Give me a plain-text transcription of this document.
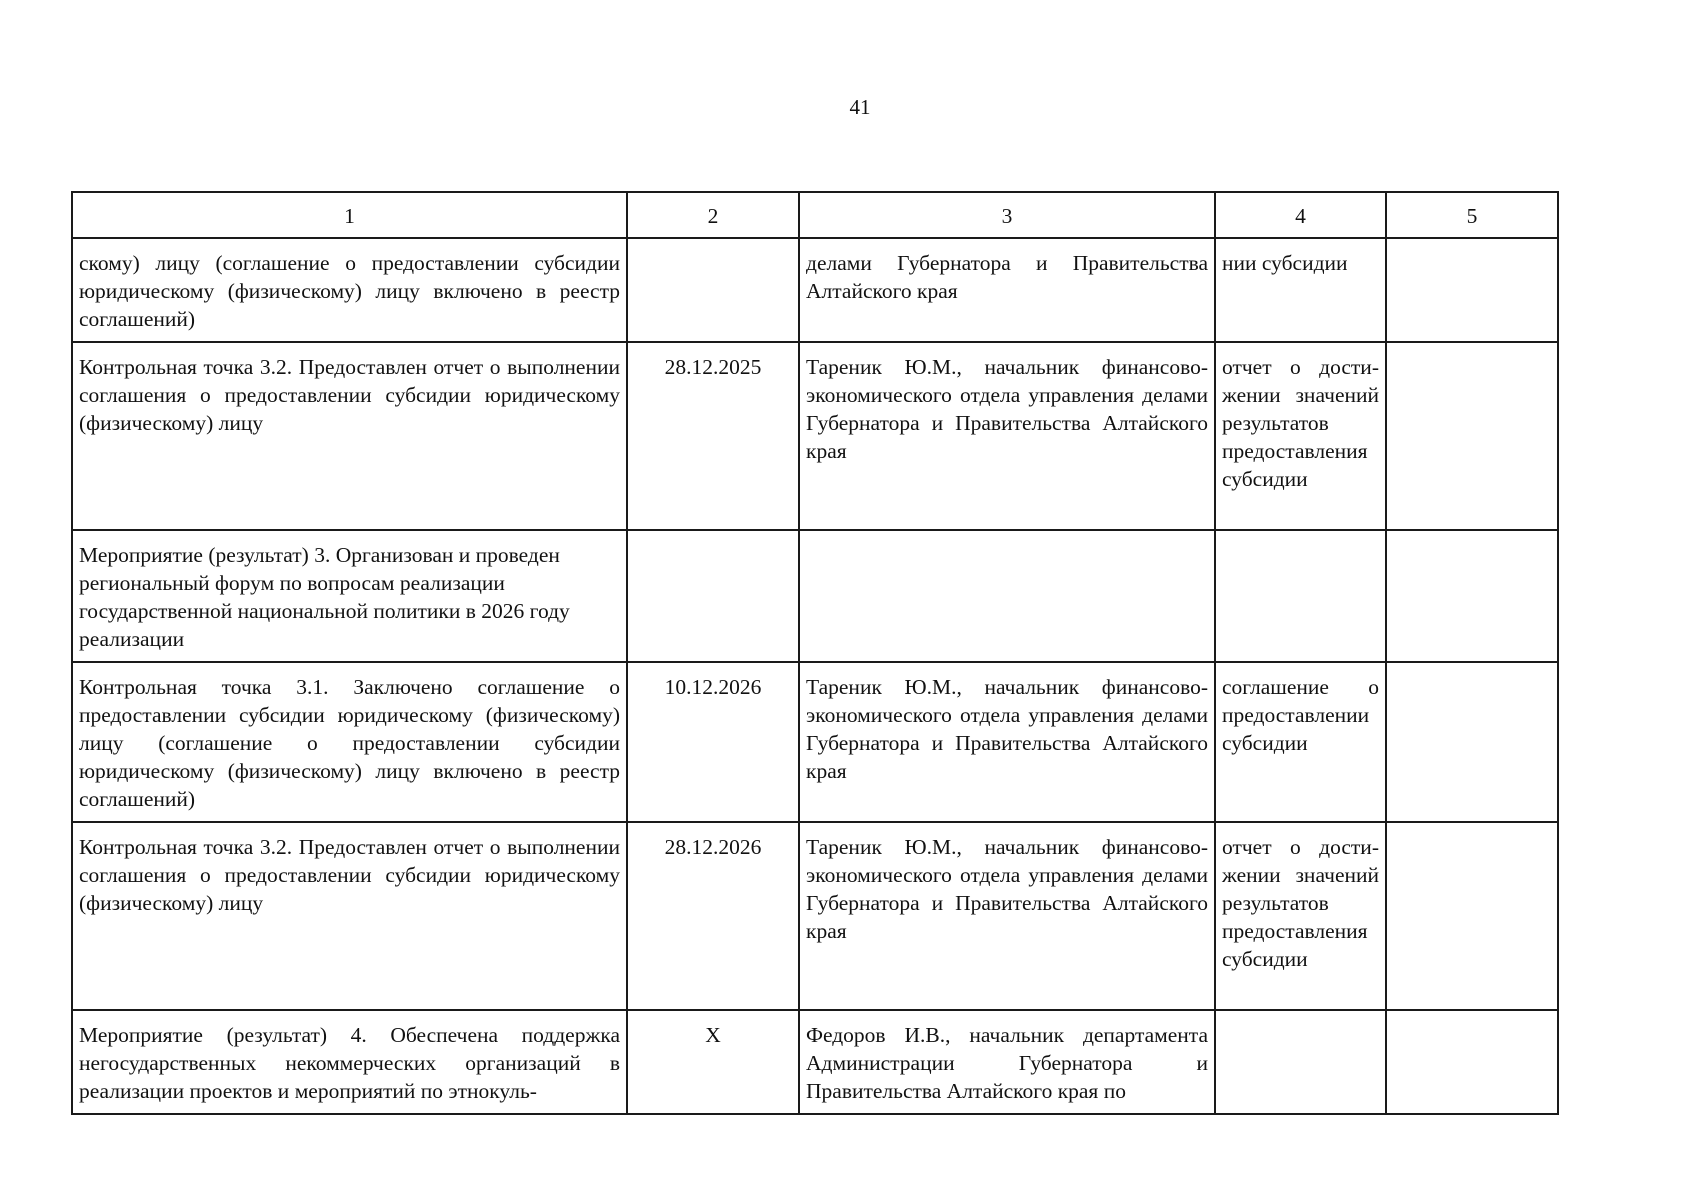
41
1	2	3	4	5
скому) лицу (соглашение о предоставлении субсидии юридическому (физическому) лицу включено в реестр соглашений)		делами Губернатора и Правительства Алтайского края	нии субсидии	
Контрольная точка 3.2. Предоставлен отчет о выполнении соглашения о предоставлении субсидии юридическому (физическому) лицу	28.12.2025	Тареник Ю.М., начальник финансово-экономического отдела управления делами Губернатора и Правительства Алтайского края	отчет о достижении значений результатов предоставления субсидии	
Мероприятие (результат) 3. Организован и проведен региональный форум по вопросам реализации государственной национальной политики в 2026 году реализации				
Контрольная точка 3.1. Заключено соглашение о предоставлении субсидии юридическому (физическому) лицу (соглашение о предоставлении субсидии юридическому (физическому) лицу включено в реестр соглашений)	10.12.2026	Тареник Ю.М., начальник финансово-экономического отдела управления делами Губернатора и Правительства Алтайского края	соглашение о предоставлении субсидии	
Контрольная точка 3.2. Предоставлен отчет о выполнении соглашения о предоставлении субсидии юридическому (физическому) лицу	28.12.2026	Тареник Ю.М., начальник финансово-экономического отдела управления делами Губернатора и Правительства Алтайского края	отчет о достижении значений результатов предоставления субсидии	
Мероприятие (результат) 4. Обеспечена поддержка негосударственных некоммерческих организаций в реализации проектов и мероприятий по этнокуль-	Х	Федоров И.В., начальник департамента Администрации Губернатора и Правительства Алтайского края по		
